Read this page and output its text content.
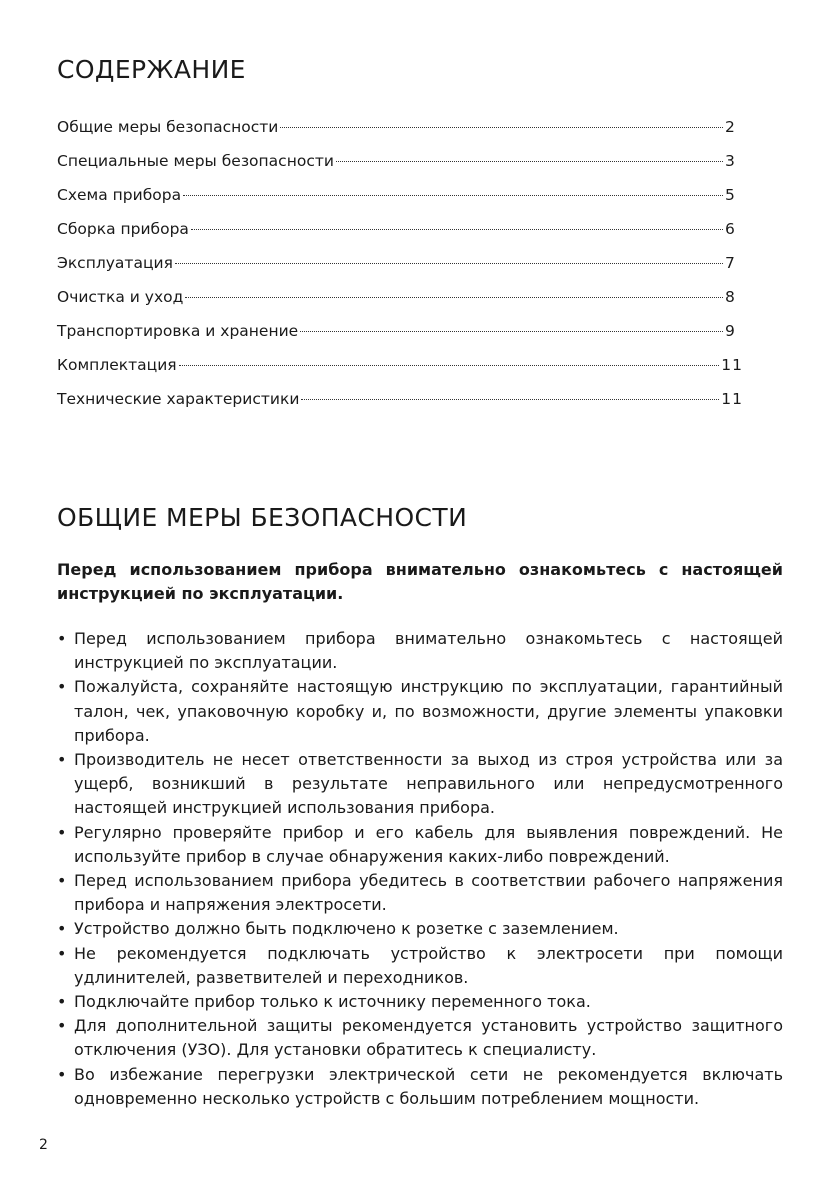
СОДЕРЖАНИЕ
Общие меры безопасности	2
Специальные меры безопасности	3
Схема прибора	5
Сборка прибора	6
Эксплуатация	7
Очистка и уход	8
Транспортировка и хранение	9
Комплектация	11
Технические характеристики	11
ОБЩИЕ МЕРЫ БЕЗОПАСНОСТИ

Перед использованием прибора внимательно ознакомьтесь с настоящей инструкцией по эксплуатации.

• Перед использованием прибора внимательно ознакомьтесь с настоящей инструкцией по эксплуатации.
• Пожалуйста, сохраняйте настоящую инструкцию по эксплуатации, гарантийный талон, чек, упаковочную коробку и, по возможности, другие элементы упаковки прибора.
• Производитель не несет ответственности за выход из строя устройства или за ущерб, возникший в результате неправильного или непредусмотренного настоящей инструкцией использования прибора.
• Регулярно проверяйте прибор и его кабель для выявления повреждений. Не используйте прибор в случае обнаружения каких-либо повреждений.
• Перед использованием прибора убедитесь в соответствии рабочего напряжения прибора и напряжения электросети.
• Устройство должно быть подключено к розетке с заземлением.
• Не рекомендуется подключать устройство к электросети при помощи удлинителей, разветвителей и переходников.
• Подключайте прибор только к источнику переменного тока.
• Для дополнительной защиты рекомендуется установить устройство защитного отключения (УЗО). Для установки обратитесь к специалисту.
• Во избежание перегрузки электрической сети не рекомендуется включать одновременно несколько устройств с большим потреблением мощности.
2
